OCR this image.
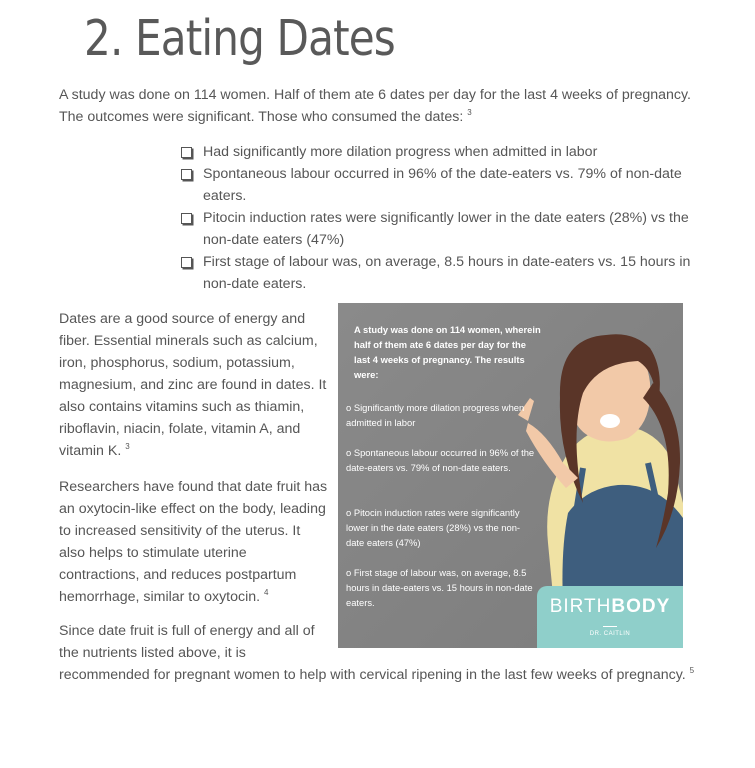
2. Eating Dates
A study was done on 114 women. Half of them ate 6 dates per day for the last 4 weeks of pregnancy. The outcomes were significant. Those who consumed the dates: $^3$
Had significantly more dilation progress when admitted in labor
Spontaneous labour occurred in 96% of the date-eaters vs. 79% of non-date eaters.
Pitocin induction rates were significantly lower in the date eaters (28%) vs the non-date eaters (47%)
First stage of labour was, on average, 8.5 hours in date-eaters vs. 15 hours in non-date eaters.
Dates are a good source of energy and fiber. Essential minerals such as calcium, iron, phosphorus, sodium, potassium, magnesium, and zinc are found in dates. It also contains vitamins such as thiamin, riboflavin, niacin, folate, vitamin A, and vitamin K. $^3$
Researchers have found that date fruit has an oxytocin-like effect on the body, leading to increased sensitivity of the uterus. It also helps to stimulate uterine contractions, and reduces postpartum hemorrhage, similar to oxytocin. $^4$
Since date fruit is full of energy and all of
the nutrients listed above, it is
recommended for pregnant women to help with cervical ripening in the last few weeks of pregnancy. $^5$
A study was done on 114 women, wherein half of them ate 6 dates per day for the last 4 weeks of pregnancy. The results were:
o Significantly more dilation progress when admitted in labor
o Spontaneous labour occurred in 96% of the date-eaters vs. 79% of non-date eaters.
o Pitocin induction rates were significantly lower in the date eaters (28%) vs the non-date eaters (47%)
o First stage of labour was, on average, 8.5 hours in date-eaters vs. 15 hours in non-date eaters.	BIRTHBODY
DR. CAITLIN
